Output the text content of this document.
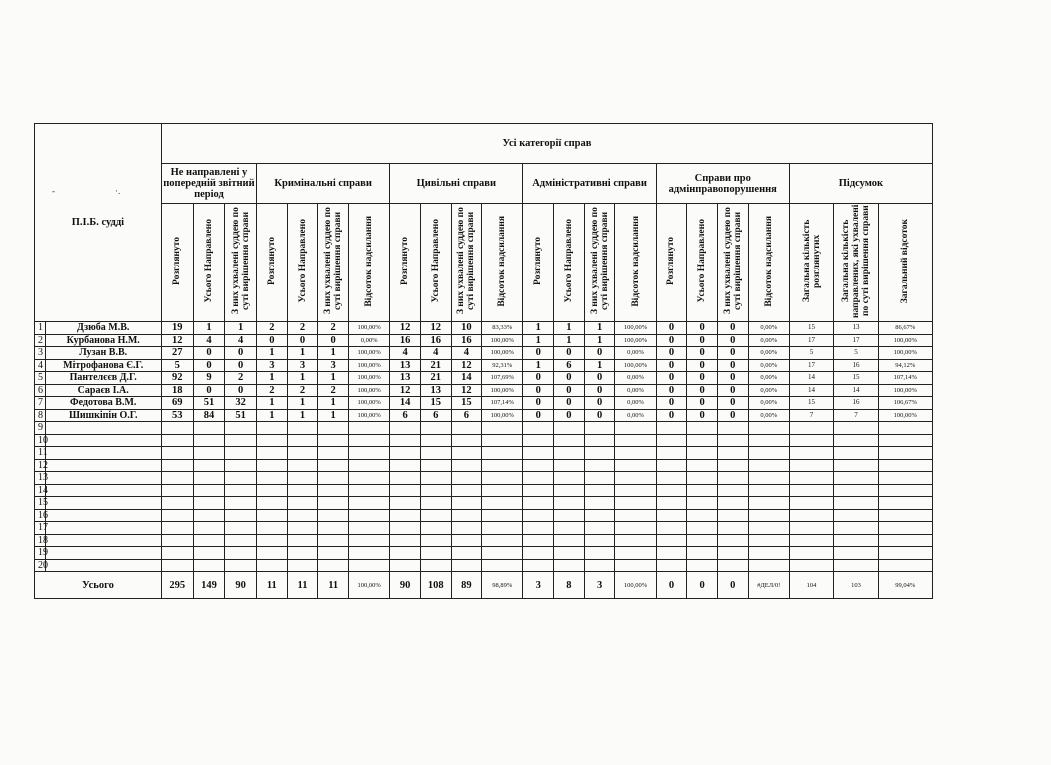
П.І.Б. судді		Усі категорії справ																					
		Не направлені у попередній звітний період			Кримінальні справи				Цивільні справи				Адміністративні справи				Справи про адмінправопорушення				Підсумок		
		Розглянуто	Усього Направлено	З них ухвалені суддею по суті вирішення справи	Розглянуто	Усього Направлено	З них ухвалені суддею по суті вирішення справи	Відсоток надсилання	Розглянуто	Усього Направлено	З них ухвалені суддею по суті вирішення справи	Відсоток надсилання	Розглянуто	Усього Направлено	З них ухвалені суддею по суті вирішення справи	Відсоток надсилання	Розглянуто	Усього Направлено	З них ухвалені суддею по суті вирішення справи	Відсоток надсилання	Загальна кількість розглянутих	Загальна кількість направлених, які ухвалені по суті вирішення справи	Загальний відсоток
1	Дзюба М.В.	19	1	1	2	2	2	100,00%	12	12	10	83,33%	1	1	1	100,00%	0	0	0	0,00%	15	13	86,67%
2	Курбанова Н.М.	12	4	4	0	0	0	0,00%	16	16	16	100,00%	1	1	1	100,00%	0	0	0	0,00%	17	17	100,00%
3	Лузан В.В.	27	0	0	1	1	1	100,00%	4	4	4	100,00%	0	0	0	0,00%	0	0	0	0,00%	5	5	100,00%
4	Мітрофанова Є.Г.	5	0	0	3	3	3	100,00%	13	21	12	92,31%	1	6	1	100,00%	0	0	0	0,00%	17	16	94,12%
5	Пантелєєв Д.Г.	92	9	2	1	1	1	100,00%	13	21	14	107,69%	0	0	0	0,00%	0	0	0	0,00%	14	15	107,14%
6	Сараєв І.А.	18	0	0	2	2	2	100,00%	12	13	12	100,00%	0	0	0	0,00%	0	0	0	0,00%	14	14	100,00%
7	Федотова В.М.	69	51	32	1	1	1	100,00%	14	15	15	107,14%	0	0	0	0,00%	0	0	0	0,00%	15	16	106,67%
8	Шишкіпін О.Г.	53	84	51	1	1	1	100,00%	6	6	6	100,00%	0	0	0	0,00%	0	0	0	0,00%	7	7	100,00%
9																							
10																							
11																							
12																							
13																							
14																							
15																							
16																							
17																							
18																							
19																							
20																							
Усього		295	149	90	11	11	11	100,00%	90	108	89	98,89%	3	8	3	100,00%	0	0	0	#ДЕЛ/0!	104	103	99,04%
-	·.
